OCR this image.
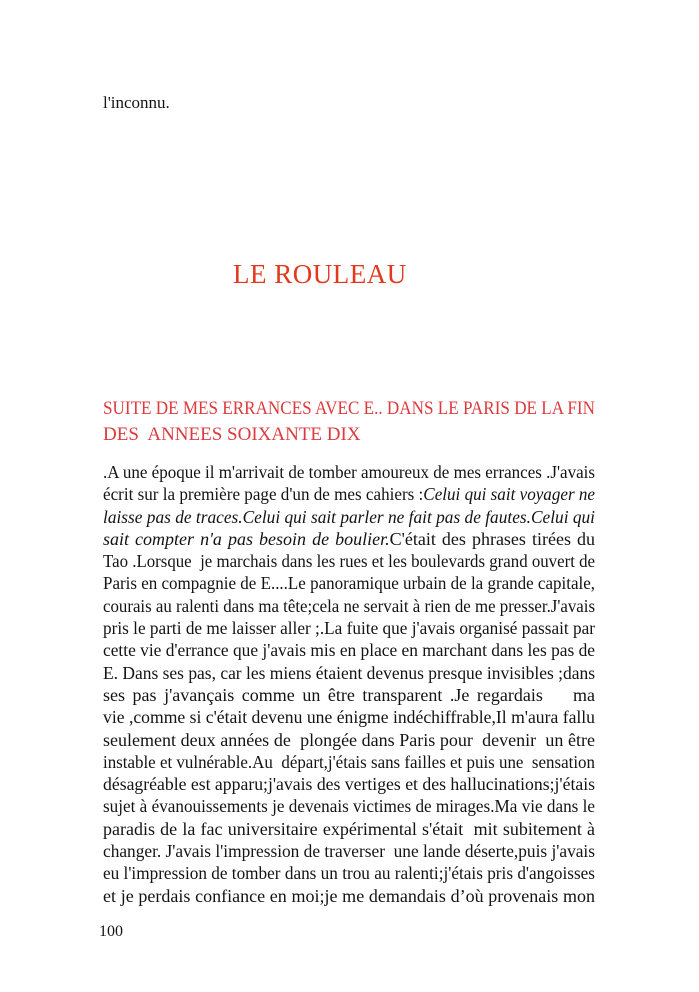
l'inconnu.
LE ROULEAU
SUITE DE MES ERRANCES AVEC E.. DANS LE PARIS DE LA FIN
DES  ANNEES SOIXANTE DIX
.A une époque il m'arrivait de tomber amoureux de mes errances .J'avais
écrit sur la première page d'un de mes cahiers :Celui qui sait voyager ne
laisse pas de traces.Celui qui sait parler ne fait pas de fautes.Celui qui
sait compter n'a pas besoin de boulier.C'était des phrases tirées du
Tao .Lorsque  je marchais dans les rues et les boulevards grand ouvert de
Paris en compagnie de E....Le panoramique urbain de la grande capitale,
courais au ralenti dans ma tête;cela ne servait à rien de me presser.J'avais
pris le parti de me laisser aller ;.La fuite que j'avais organisé passait par
cette vie d'errance que j'avais mis en place en marchant dans les pas de
E. Dans ses pas, car les miens étaient devenus presque invisibles ;dans
ses pas j'avançais comme un être transparent .Je regardais    ma
vie ,comme si c'était devenu une énigme indéchiffrable,Il m'aura fallu
seulement deux années de  plongée dans Paris pour  devenir  un être
instable et vulnérable.Au  départ,j'étais sans failles et puis une  sensation
désagréable est apparu;j'avais des vertiges et des hallucinations;j'étais
sujet à évanouissements je devenais victimes de mirages.Ma vie dans le
paradis de la fac universitaire expérimental s'était  mit subitement à
changer. J'avais l'impression de traverser  une lande déserte,puis j'avais
eu l'impression de tomber dans un trou au ralenti;j'étais pris d'angoisses
et je perdais confiance en moi;je me demandais d’où provenais mon
100
